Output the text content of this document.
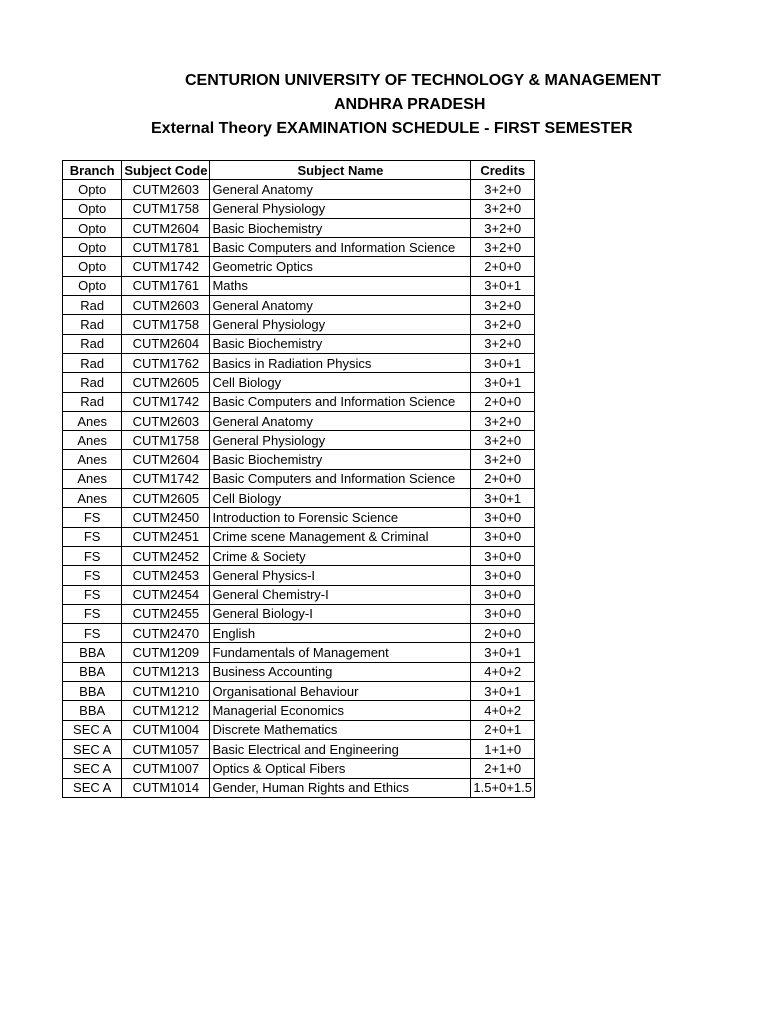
CENTURION UNIVERSITY OF TECHNOLOGY & MANAGEMENT
ANDHRA PRADESH
External Theory EXAMINATION SCHEDULE - FIRST SEMESTER
Branch	Subject Code	Subject Name	Credits
Opto	CUTM2603	General Anatomy	3+2+0
Opto	CUTM1758	General Physiology	3+2+0
Opto	CUTM2604	Basic Biochemistry	3+2+0
Opto	CUTM1781	Basic Computers and Information Science	3+2+0
Opto	CUTM1742	Geometric Optics	2+0+0
Opto	CUTM1761	Maths	3+0+1
Rad	CUTM2603	General Anatomy	3+2+0
Rad	CUTM1758	General Physiology	3+2+0
Rad	CUTM2604	Basic Biochemistry	3+2+0
Rad	CUTM1762	Basics in Radiation Physics	3+0+1
Rad	CUTM2605	Cell Biology	3+0+1
Rad	CUTM1742	Basic Computers and Information Science	2+0+0
Anes	CUTM2603	General Anatomy	3+2+0
Anes	CUTM1758	General Physiology	3+2+0
Anes	CUTM2604	Basic Biochemistry	3+2+0
Anes	CUTM1742	Basic Computers and Information Science	2+0+0
Anes	CUTM2605	Cell Biology	3+0+1
FS	CUTM2450	Introduction to Forensic Science	3+0+0
FS	CUTM2451	Crime scene Management & Criminal	3+0+0
FS	CUTM2452	Crime & Society	3+0+0
FS	CUTM2453	General Physics-I	3+0+0
FS	CUTM2454	General Chemistry-I	3+0+0
FS	CUTM2455	General Biology-I	3+0+0
FS	CUTM2470	English	2+0+0
BBA	CUTM1209	Fundamentals of Management	3+0+1
BBA	CUTM1213	Business Accounting	4+0+2
BBA	CUTM1210	Organisational Behaviour	3+0+1
BBA	CUTM1212	Managerial Economics	4+0+2
SEC A	CUTM1004	Discrete Mathematics	2+0+1
SEC A	CUTM1057	Basic Electrical and Engineering	1+1+0
SEC A	CUTM1007	Optics & Optical Fibers	2+1+0
SEC A	CUTM1014	Gender, Human Rights and Ethics	1.5+0+1.5
